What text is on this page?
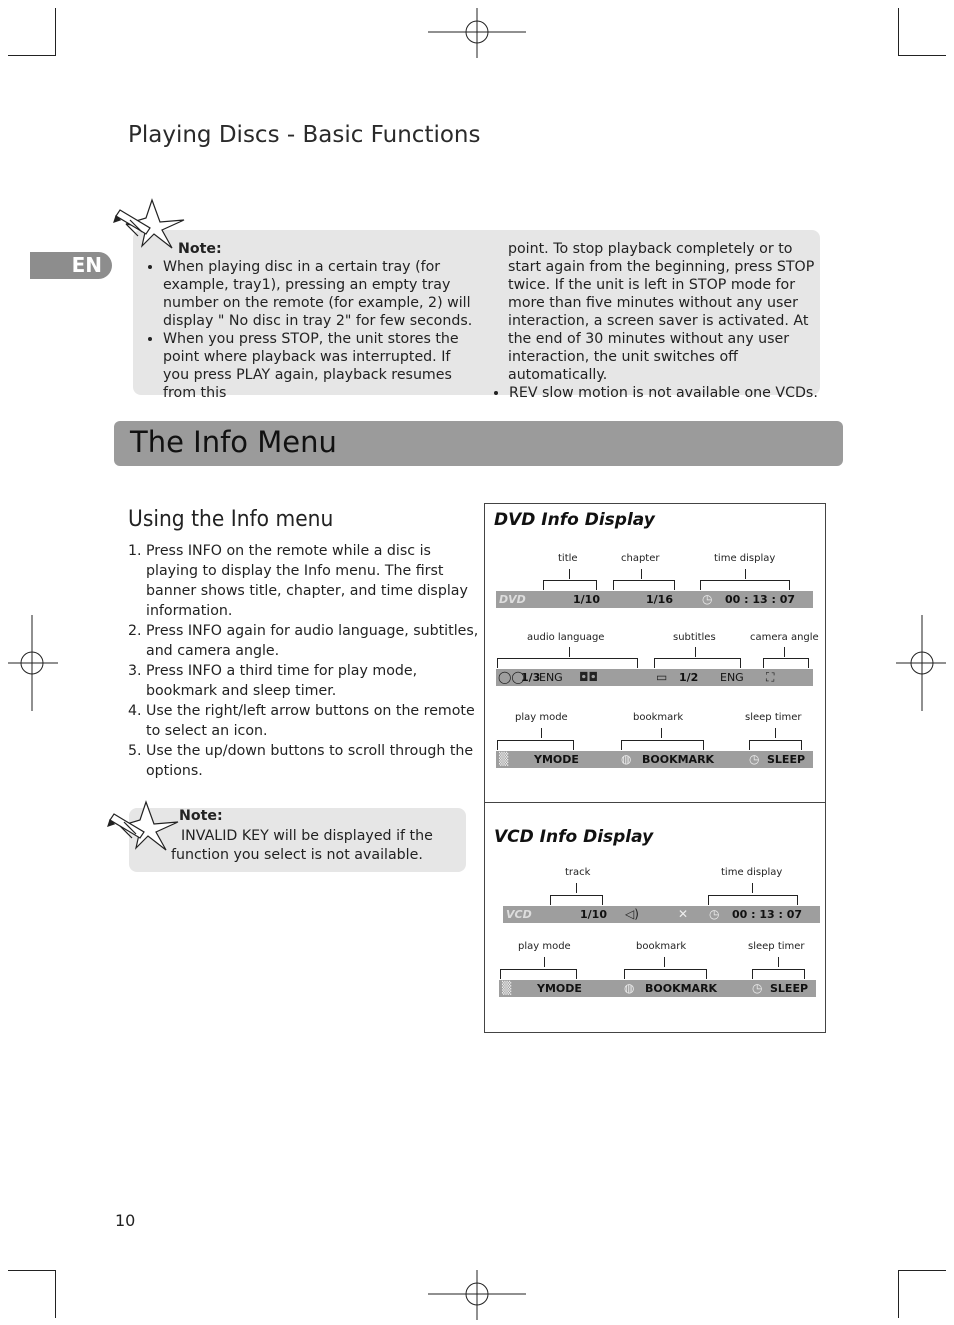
Playing Discs - Basic Functions
EN
Note:
• When playing disc in a certain tray (for example, tray1), pressing an empty tray number on the remote (for example, 2) will display " No disc in tray 2" for few seconds.
• When you press STOP, the unit stores the point where playback was interrupted. If you press PLAY again, playback resumes from this
point. To stop playback completely or to start again from the beginning, press STOP twice. If the unit is left in STOP mode for more than five minutes without any user interaction, a screen saver is activated. At the end of 30 minutes without any user interaction, the unit switches off automatically.
• REV slow motion is not available one VCDs.
The Info Menu
Using the Info menu
1. Press INFO on the remote while a disc is playing to display the Info menu. The first banner shows title, chapter, and time display information.
2. Press INFO again for audio language, subtitles, and camera angle.
3. Press INFO a third time for play mode, bookmark and sleep timer.
4. Use the right/left arrow buttons on the remote to select an icon.
5. Use the up/down buttons to scroll through the options.
Note:
INVALID KEY will be displayed if the function you select is not available.
DVD Info Display
title	chapter	time display
DVD	1/10	1/16 ◷ 00 : 13 : 07
audio language	subtitles	camera angle
◯◯
1/3
ENG ◘◘	▭ 1/2 ENG ⛶
play mode	bookmark	sleep timer
▒ YMODE	◍ BOOKMARK	◷ SLEEP
VCD Info Display
track	time display
VCD	1/10 ◁)	✕ ◷ 00 : 13 : 07
play mode	bookmark	sleep timer
▒ YMODE	◍ BOOKMARK	◷ SLEEP
10
